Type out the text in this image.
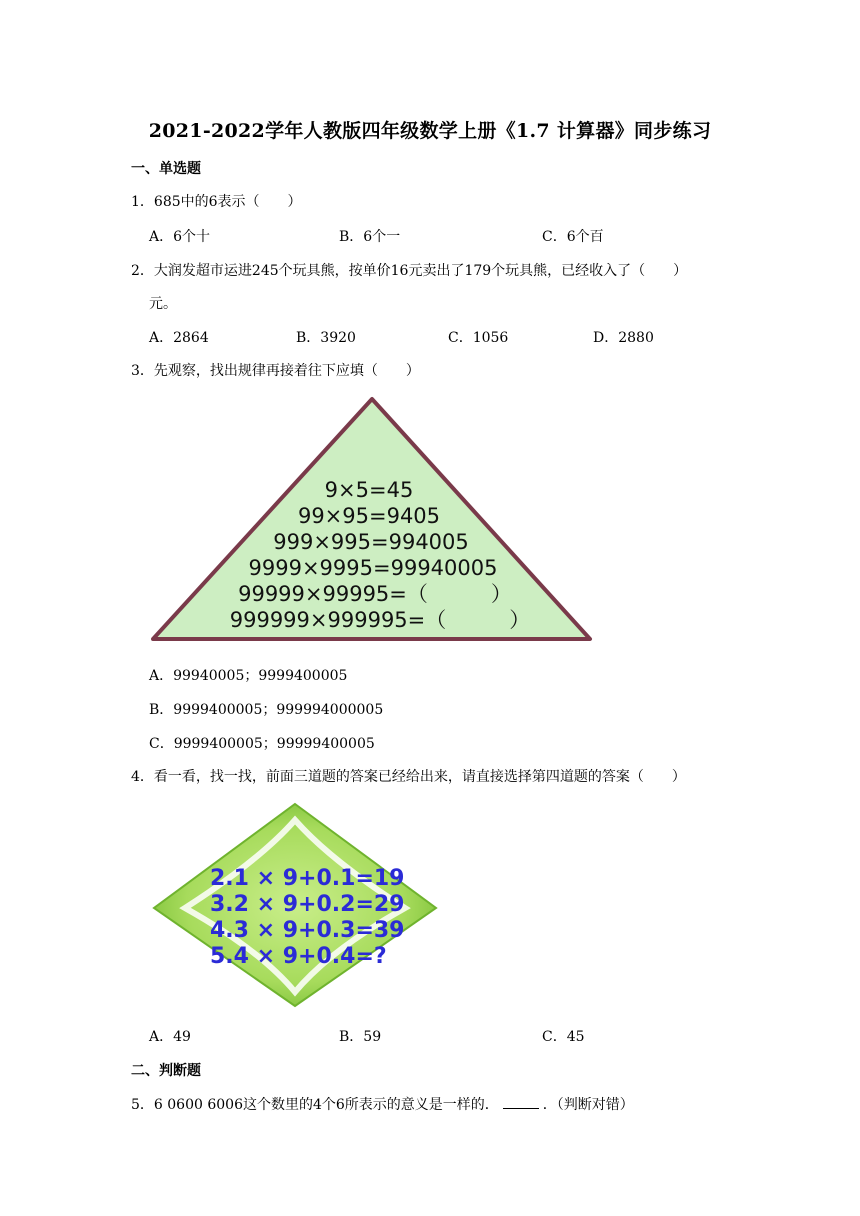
2021-2022学年人教版四年级数学上册《1.7 计算器》同步练习
一、单选题
1．685中的6表示（　　）
A．6个十	B．6个一	C．6个百
2．大润发超市运进245个玩具熊，按单价16元卖出了179个玩具熊，已经收入了（　　）
元。
A．2864	B．3920	C．1056	D．2880
3．先观察，找出规律再接着往下应填（　　）
9×5=45
99×95=9405
999×995=994005
9999×9995=99940005
99999×99995=（　　　）
999999×999995=（　　　）
A．99940005；9999400005
B．9999400005；999994000005
C．9999400005；99999400005
4．看一看，找一找，前面三道题的答案已经给出来，请直接选择第四道题的答案（　　）
2.1 × 9+0.1=19
3.2 × 9+0.2=29
4.3 × 9+0.3=39
5.4 × 9+0.4=?
A．49	B．59	C．45
二、判断题
5．6 0600 6006这个数里的4个6所表示的意义是一样的．	．（判断对错）
